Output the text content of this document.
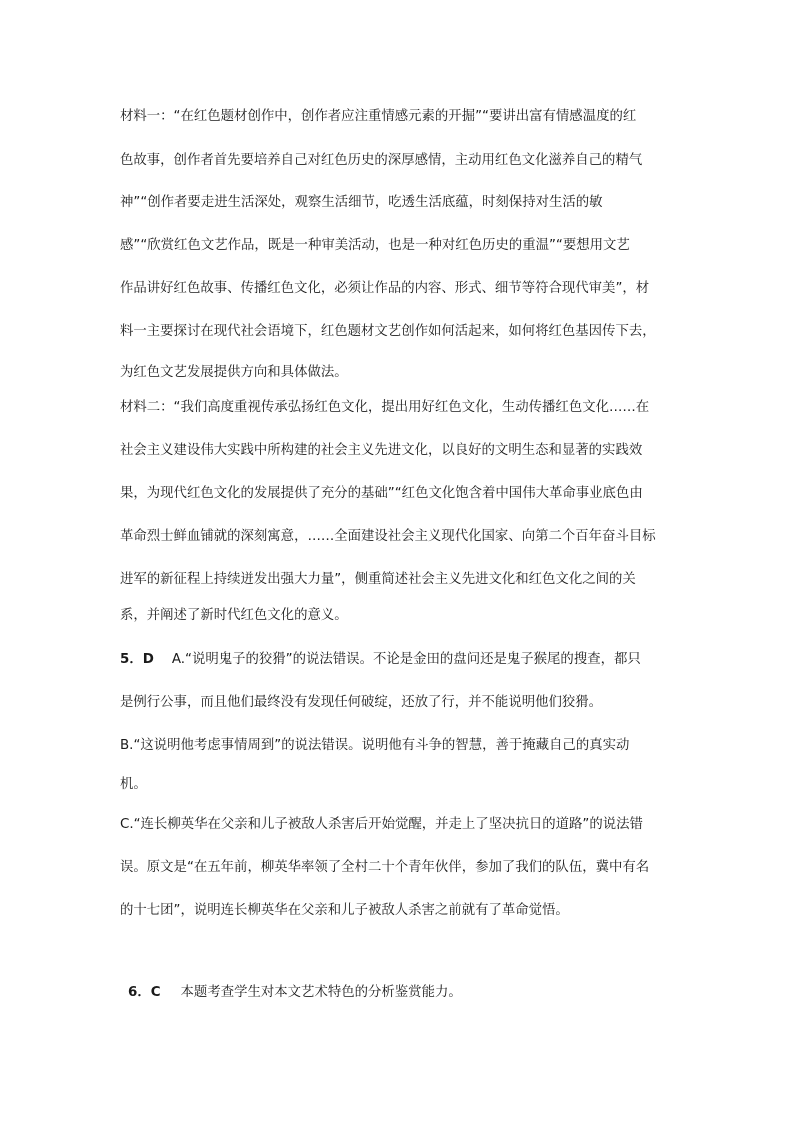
材料一：“在红色题材创作中，创作者应注重情感元素的开掘”“要讲出富有情感温度的红
色故事，创作者首先要培养自己对红色历史的深厚感情，主动用红色文化滋养自己的精气
神”“创作者要走进生活深处，观察生活细节，吃透生活底蕴，时刻保持对生活的敏
感”“欣赏红色文艺作品，既是一种审美活动，也是一种对红色历史的重温”“要想用文艺
作品讲好红色故事、传播红色文化，必须让作品的内容、形式、细节等符合现代审美”，材
料一主要探讨在现代社会语境下，红色题材文艺创作如何活起来，如何将红色基因传下去，
为红色文艺发展提供方向和具体做法。
材料二：“我们高度重视传承弘扬红色文化，提出用好红色文化，生动传播红色文化……在
社会主义建设伟大实践中所构建的社会主义先进文化，以良好的文明生态和显著的实践效
果，为现代红色文化的发展提供了充分的基础”“红色文化饱含着中国伟大革命事业底色由
革命烈士鲜血铺就的深刻寓意，……全面建设社会主义现代化国家、向第二个百年奋斗目标
进军的新征程上持续迸发出强大力量”，侧重简述社会主义先进文化和红色文化之间的关
系，并阐述了新时代红色文化的意义。
5．D A.“说明鬼子的狡猾”的说法错误。不论是金田的盘问还是鬼子猴尾的搜查，都只
是例行公事，而且他们最终没有发现任何破绽，还放了行，并不能说明他们狡猾。
B.“这说明他考虑事情周到”的说法错误。说明他有斗争的智慧，善于掩藏自己的真实动
机。
C.“连长柳英华在父亲和儿子被敌人杀害后开始觉醒，并走上了坚决抗日的道路”的说法错
误。原文是“在五年前，柳英华率领了全村二十个青年伙伴，参加了我们的队伍，冀中有名
的十七团”，说明连长柳英华在父亲和儿子被敌人杀害之前就有了革命觉悟。
6．C 本题考查学生对本文艺术特色的分析鉴赏能力。
